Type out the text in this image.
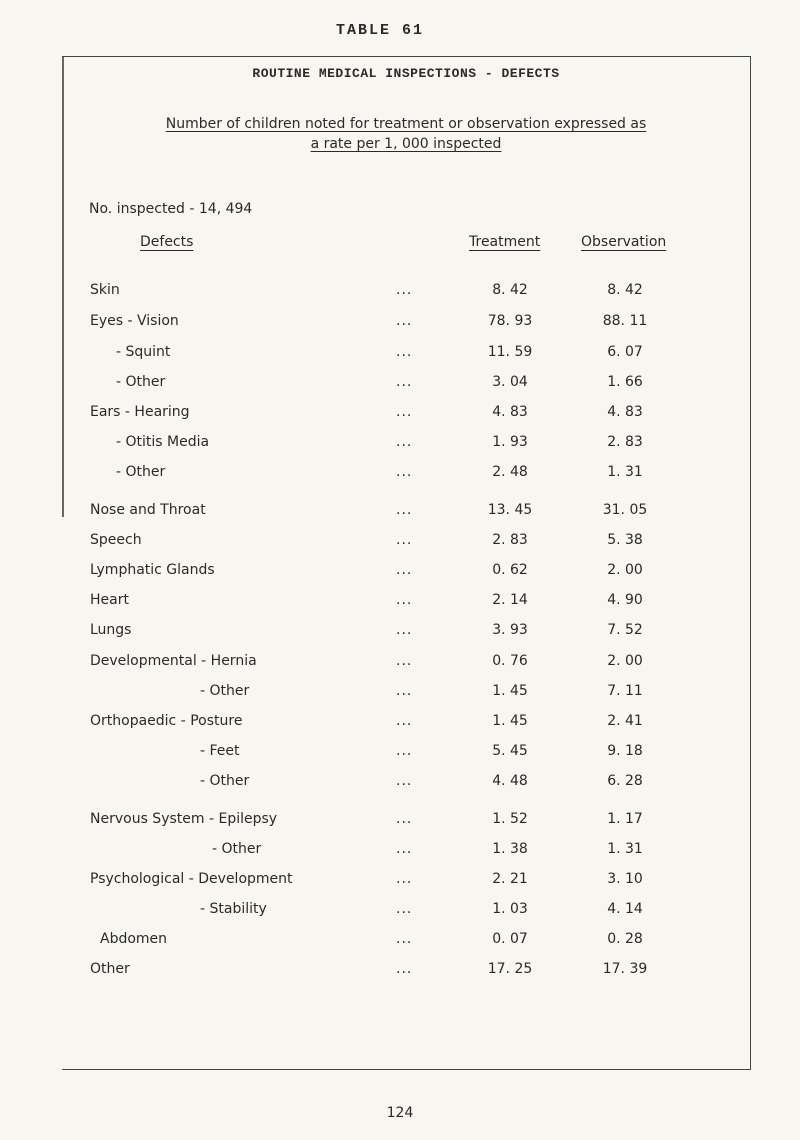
TABLE 61
ROUTINE MEDICAL INSPECTIONS - DEFECTS
Number of children noted for treatment or observation expressed as
a rate per 1, 000 inspected
No. inspected - 14, 494
Defects	Treatment	Observation
Skin	...	8. 42	8. 42
Eyes - Vision	...	78. 93	88. 11
- Squint	...	11. 59	6. 07
- Other	...	3. 04	1. 66
Ears - Hearing	...	4. 83	4. 83
- Otitis Media	...	1. 93	2. 83
- Other	...	2. 48	1. 31
Nose and Throat	...	13. 45	31. 05
Speech	...	2. 83	5. 38
Lymphatic Glands	...	0. 62	2. 00
Heart	...	2. 14	4. 90
Lungs	...	3. 93	7. 52
Developmental - Hernia	...	0. 76	2. 00
- Other	...	1. 45	7. 11
Orthopaedic - Posture	...	1. 45	2. 41
- Feet	...	5. 45	9. 18
- Other	...	4. 48	6. 28
Nervous System - Epilepsy	...	1. 52	1. 17
- Other	...	1. 38	1. 31
Psychological - Development	...	2. 21	3. 10
- Stability	...	1. 03	4. 14
Abdomen	...	0. 07	0. 28
Other	...	17. 25	17. 39
124
